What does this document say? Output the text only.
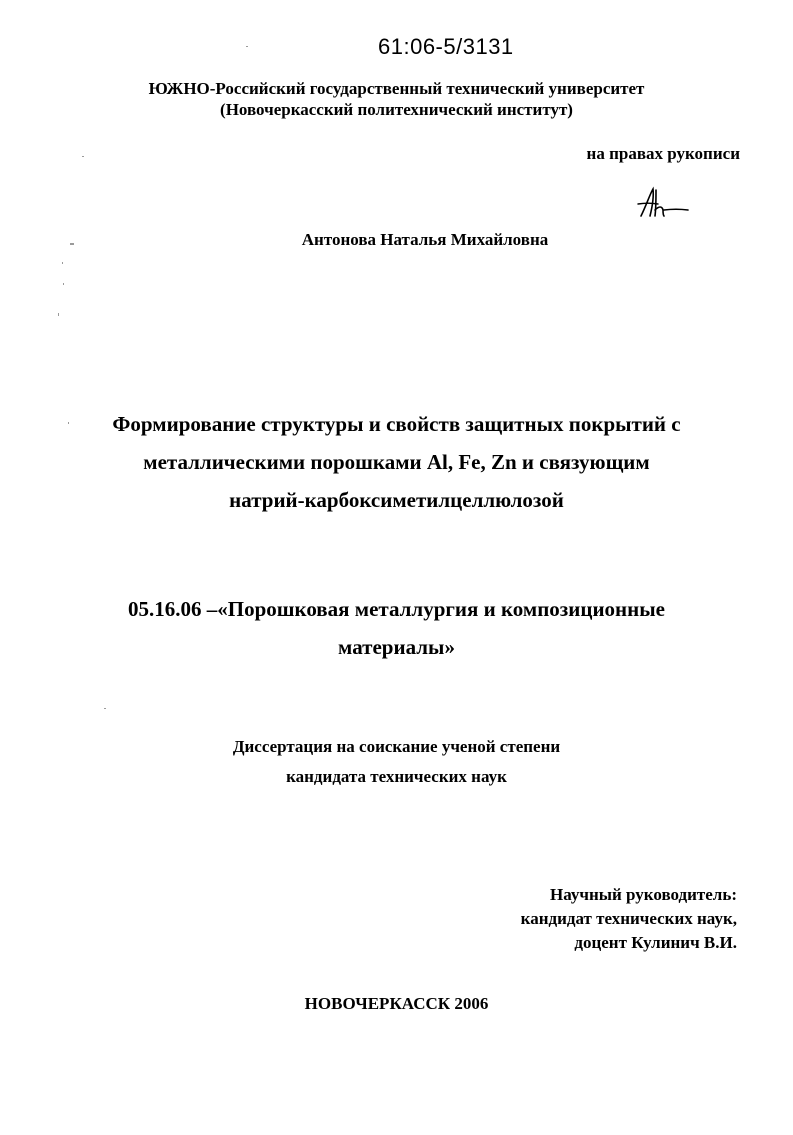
61:06-5/3131
ЮЖНО-Российский государственный технический университет
(Новочеркасский политехнический институт)
на правах рукописи
Антонова Наталья Михайловна
Формирование структуры и свойств защитных покрытий с
металлическими порошками Al, Fe, Zn и связующим
натрий-карбоксиметилцеллюлозой
05.16.06 –«Порошковая металлургия и композиционные
материалы»
Диссертация на соискание ученой степени
кандидата технических наук
Научный руководитель:
кандидат технических наук,
доцент Кулинич В.И.
НОВОЧЕРКАССК 2006
